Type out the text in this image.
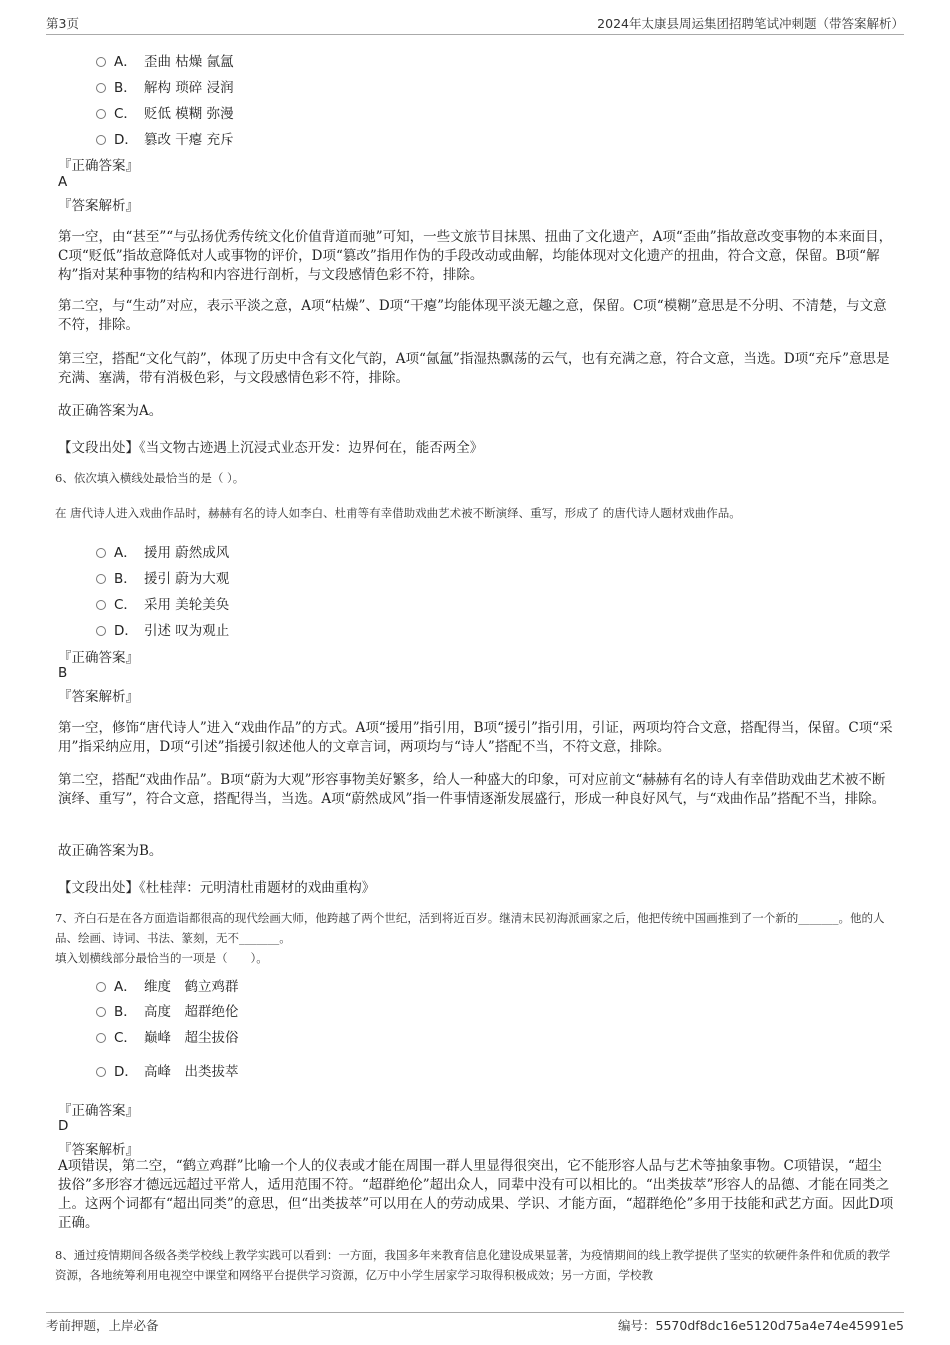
第3页	2024年太康县周运集团招聘笔试冲刺题（带答案解析）
A． 歪曲 枯燥 氤氲
B． 解构 琐碎 浸润
C． 贬低 模糊 弥漫
D． 篡改 干瘪 充斥
『正确答案』
A
『答案解析』
第一空，由“甚至”“与弘扬优秀传统文化价值背道而驰”可知，一些文旅节目抹黑、扭曲了文化遗产，A项“歪曲”指故意改变事物的本来面目，C项“贬低”指故意降低对人或事物的评价，D项“篡改”指用作伪的手段改动或曲解，均能体现对文化遗产的扭曲，符合文意，保留。B项“解构”指对某种事物的结构和内容进行剖析，与文段感情色彩不符，排除。
第二空，与“生动”对应，表示平淡之意，A项“枯燥”、D项“干瘪”均能体现平淡无趣之意，保留。C项“模糊”意思是不分明、不清楚，与文意不符，排除。
第三空，搭配“文化气韵”，体现了历史中含有文化气韵，A项“氤氲”指湿热飘荡的云气，也有充满之意，符合文意，当选。D项“充斥”意思是充满、塞满，带有消极色彩，与文段感情色彩不符，排除。
故正确答案为A。
【文段出处】《当文物古迹遇上沉浸式业态开发：边界何在，能否两全》
6、依次填入横线处最恰当的是（ ）。
在 唐代诗人进入戏曲作品时，赫赫有名的诗人如李白、杜甫等有幸借助戏曲艺术被不断演绎、重写，形成了 的唐代诗人题材戏曲作品。
A． 援用 蔚然成风
B． 援引 蔚为大观
C． 采用 美轮美奂
D． 引述 叹为观止
『正确答案』
B
『答案解析』
第一空，修饰“唐代诗人”进入“戏曲作品”的方式。A项“援用”指引用，B项“援引”指引用，引证，两项均符合文意，搭配得当，保留。C项“采用”指采纳应用，D项“引述”指援引叙述他人的文章言词，两项均与“诗人”搭配不当，不符文意，排除。
第二空，搭配“戏曲作品”。B项“蔚为大观”形容事物美好繁多，给人一种盛大的印象，可对应前文“赫赫有名的诗人有幸借助戏曲艺术被不断演绎、重写”，符合文意，搭配得当，当选。A项“蔚然成风”指一件事情逐渐发展盛行，形成一种良好风气，与“戏曲作品”搭配不当，排除。
故正确答案为B。
【文段出处】《杜桂萍：元明清杜甫题材的戏曲重构》
7、齐白石是在各方面造诣都很高的现代绘画大师，他跨越了两个世纪，活到将近百岁。继清末民初海派画家之后，他把传统中国画推到了一个新的_______。他的人品、绘画、诗词、书法、篆刻，无不_______。
填入划横线部分最恰当的一项是（　　）。
A． 维度　鹤立鸡群
B． 高度　超群绝伦
C． 巅峰　超尘拔俗
D． 高峰　出类拔萃
『正确答案』
D
『答案解析』
A项错误，第二空，“鹤立鸡群”比喻一个人的仪表或才能在周围一群人里显得很突出，它不能形容人品与艺术等抽象事物。C项错误，“超尘拔俗”多形容才德远远超过平常人，适用范围不符。“超群绝伦”超出众人，同辈中没有可以相比的。“出类拔萃”形容人的品德、才能在同类之上。这两个词都有“超出同类”的意思，但“出类拔萃”可以用在人的劳动成果、学识、才能方面，“超群绝伦”多用于技能和武艺方面。因此D项正确。
8、通过疫情期间各级各类学校线上教学实践可以看到：一方面，我国多年来教育信息化建设成果显著，为疫情期间的线上教学提供了坚实的软硬件条件和优质的教学资源，各地统筹利用电视空中课堂和网络平台提供学习资源，亿万中小学生居家学习取得积极成效；另一方面，学校教
考前押题，上岸必备	编号：5570df8dc16e5120d75a4e74e45991e5
